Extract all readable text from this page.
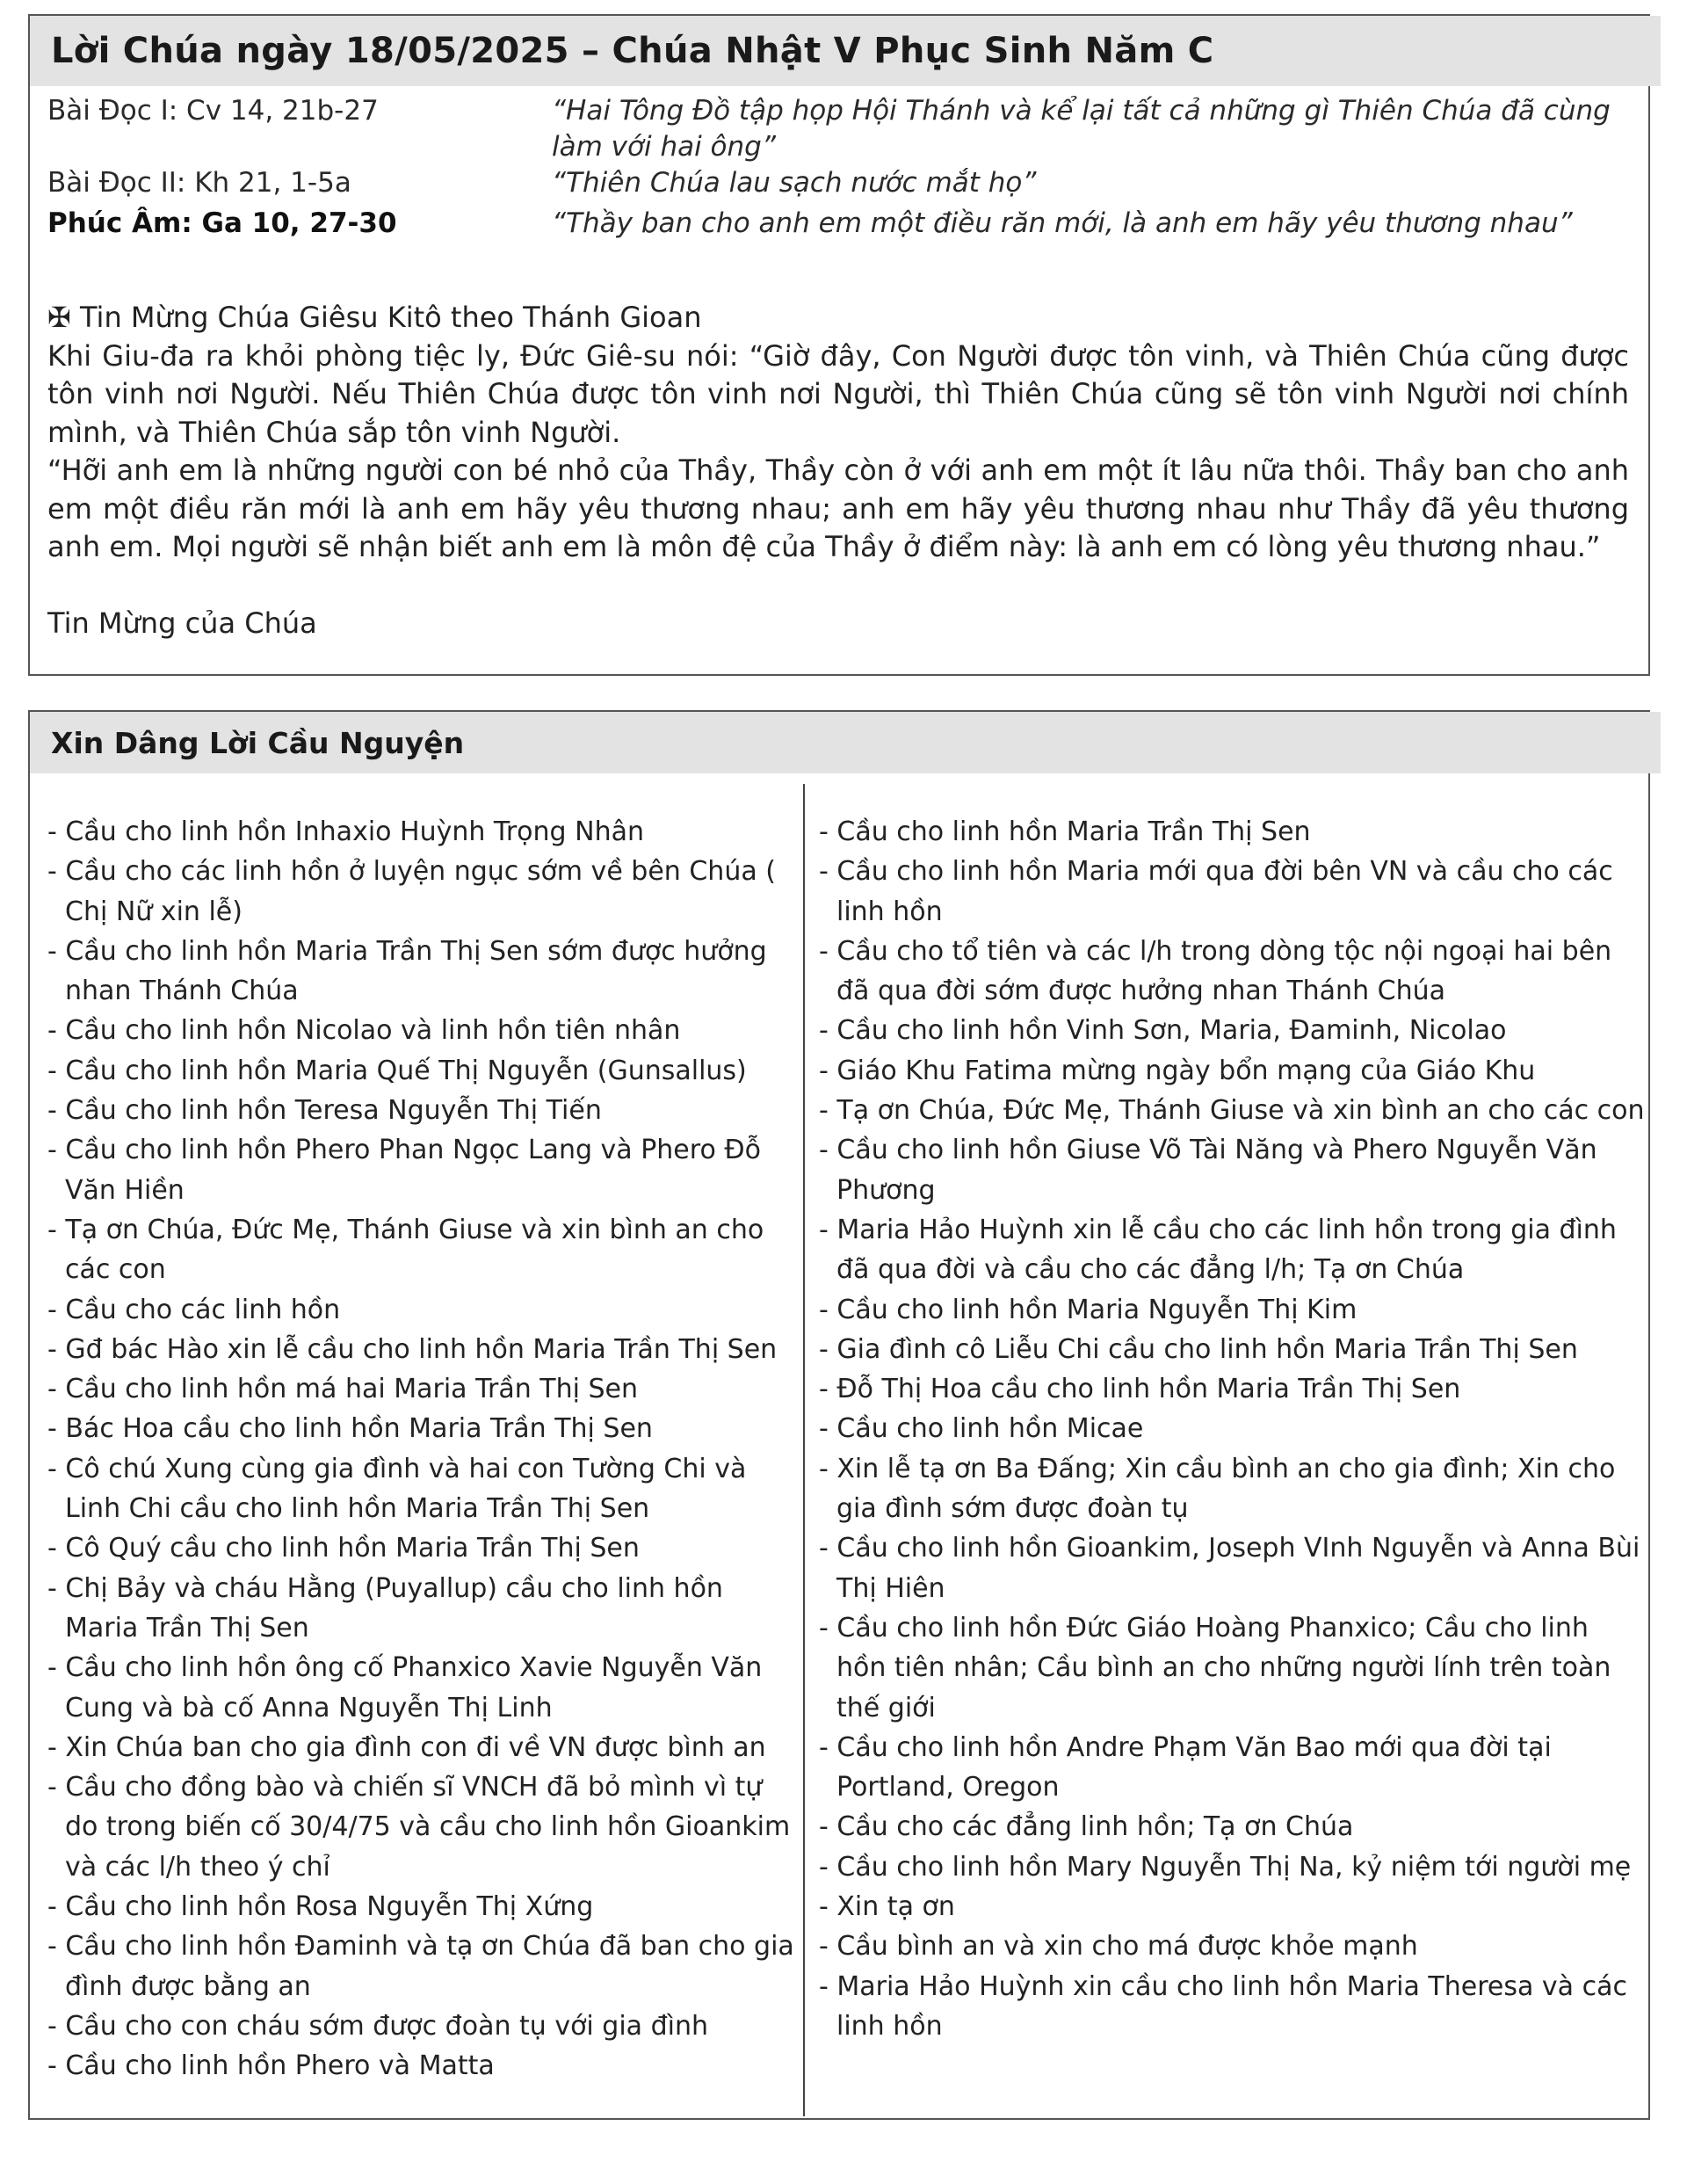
Lời Chúa ngày 18/05/2025 – Chúa Nhật V Phục Sinh Năm C
Bài Đọc I: Cv 14, 21b-27	“Hai Tông Đồ tập họp Hội Thánh và kể lại tất cả những gì Thiên Chúa đã cùng làm với hai ông”
Bài Đọc II: Kh 21, 1-5a	“Thiên Chúa lau sạch nước mắt họ”
Phúc Âm: Ga 10, 27-30	“Thầy ban cho anh em một điều răn mới, là anh em hãy yêu thương nhau”

✠ Tin Mừng Chúa Giêsu Kitô theo Thánh Gioan

Khi Giu-đa ra khỏi phòng tiệc ly, Đức Giê-su nói: “Giờ đây, Con Người được tôn vinh, và Thiên Chúa cũng được tôn vinh nơi Người. Nếu Thiên Chúa được tôn vinh nơi Người, thì Thiên Chúa cũng sẽ tôn vinh Người nơi chính mình, và Thiên Chúa sắp tôn vinh Người.

“Hỡi anh em là những người con bé nhỏ của Thầy, Thầy còn ở với anh em một ít lâu nữa thôi. Thầy ban cho anh em một điều răn mới là anh em hãy yêu thương nhau; anh em hãy yêu thương nhau như Thầy đã yêu thương anh em. Mọi người sẽ nhận biết anh em là môn đệ của Thầy ở điểm này: là anh em có lòng yêu thương nhau.”

Tin Mừng của Chúa

Xin Dâng Lời Cầu Nguyện
- Cầu cho linh hồn Inhaxio Huỳnh Trọng Nhân
- Cầu cho các linh hồn ở luyện ngục sớm về bên Chúa ( Chị Nữ xin lễ)
- Cầu cho linh hồn Maria Trần Thị Sen sớm được hưởng nhan Thánh Chúa
- Cầu cho linh hồn Nicolao và linh hồn tiên nhân
- Cầu cho linh hồn Maria Quế Thị Nguyễn (Gunsallus)
- Cầu cho linh hồn Teresa Nguyễn Thị Tiến
- Cầu cho linh hồn Phero Phan Ngọc Lang và Phero Đỗ Văn Hiền
- Tạ ơn Chúa, Đức Mẹ, Thánh Giuse và xin bình an cho các con
- Cầu cho các linh hồn
- Gđ bác Hào xin lễ cầu cho linh hồn Maria Trần Thị Sen
- Cầu cho linh hồn má hai Maria Trần Thị Sen
- Bác Hoa cầu cho linh hồn Maria Trần Thị Sen
- Cô chú Xung cùng gia đình và hai con Tường Chi và Linh Chi cầu cho linh hồn Maria Trần Thị Sen
- Cô Quý cầu cho linh hồn Maria Trần Thị Sen
- Chị Bảy và cháu Hằng (Puyallup) cầu cho linh hồn Maria Trần Thị Sen
- Cầu cho linh hồn ông cố Phanxico Xavie Nguyễn Văn Cung và bà cố Anna Nguyễn Thị Linh
- Xin Chúa ban cho gia đình con đi về VN được bình an
- Cầu cho đồng bào và chiến sĩ VNCH đã bỏ mình vì tự do trong biến cố 30/4/75 và cầu cho linh hồn Gioankim và các l/h theo ý chỉ
- Cầu cho linh hồn Rosa Nguyễn Thị Xứng
- Cầu cho linh hồn Đaminh và tạ ơn Chúa đã ban cho gia đình được bằng an
- Cầu cho con cháu sớm được đoàn tụ với gia đình
- Cầu cho linh hồn Phero và Matta
- Cầu cho linh hồn Maria Trần Thị Sen
- Cầu cho linh hồn Maria mới qua đời bên VN và cầu cho các linh hồn
- Cầu cho tổ tiên và các l/h trong dòng tộc nội ngoại hai bên đã qua đời sớm được hưởng nhan Thánh Chúa
- Cầu cho linh hồn Vinh Sơn, Maria, Đaminh, Nicolao
- Giáo Khu Fatima mừng ngày bổn mạng của Giáo Khu
- Tạ ơn Chúa, Đức Mẹ, Thánh Giuse và xin bình an cho các con
- Cầu cho linh hồn Giuse Võ Tài Năng và Phero Nguyễn Văn Phương
- Maria Hảo Huỳnh xin lễ cầu cho các linh hồn trong gia đình đã qua đời và cầu cho các đẳng l/h; Tạ ơn Chúa
- Cầu cho linh hồn Maria Nguyễn Thị Kim
- Gia đình cô Liễu Chi cầu cho linh hồn Maria Trần Thị Sen
- Đỗ Thị Hoa cầu cho linh hồn Maria Trần Thị Sen
- Cầu cho linh hồn Micae
- Xin lễ tạ ơn Ba Đấng; Xin cầu bình an cho gia đình; Xin cho gia đình sớm được đoàn tụ
- Cầu cho linh hồn Gioankim, Joseph VInh Nguyễn và Anna Bùi Thị Hiên
- Cầu cho linh hồn Đức Giáo Hoàng Phanxico; Cầu cho linh hồn tiên nhân; Cầu bình an cho những người lính trên toàn thế giới
- Cầu cho linh hồn Andre Phạm Văn Bao mới qua đời tại Portland, Oregon
- Cầu cho các đẳng linh hồn; Tạ ơn Chúa
- Cầu cho linh hồn Mary Nguyễn Thị Na, kỷ niệm tới người mẹ
- Xin tạ ơn
- Cầu bình an và xin cho má được khỏe mạnh
- Maria Hảo Huỳnh xin cầu cho linh hồn Maria Theresa và các linh hồn
